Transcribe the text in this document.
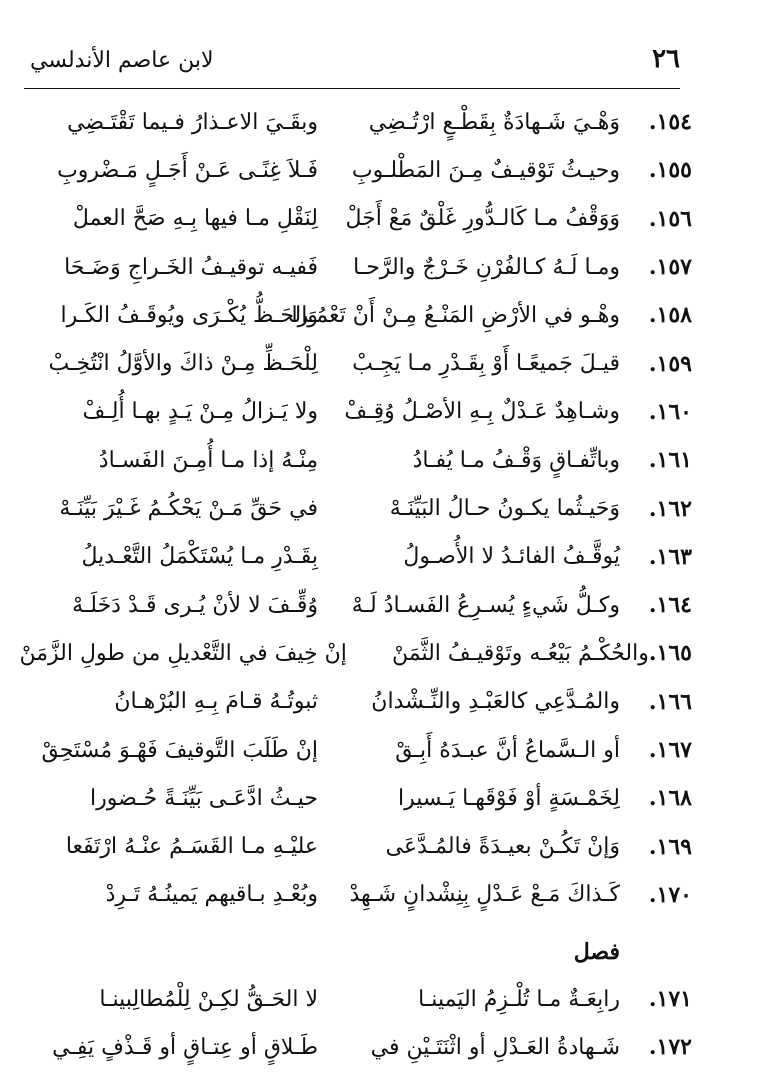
٢٦
لابن عاصم الأندلسي
١٥٤.
وَهْـيَ شَـهادَةٌ بِقَطْـعٍ ارْتُـضِي
وبقَـيَ الاعـذارُ فـيما تَقْتَـضِي
١٥٥.
وحيـثُ تَوْقيـفٌ مِـنَ المَطْلـوبِ
فَـلاَ غِنًـى عَـنْ أَجَـلٍ مَـضْروبِ
١٥٦.
وَوَقْفُ مـا كَالـدُّورِ غَلْقٌ مَعْ أَجَلْ
لِنَقْلِ مـا فيها بِـهِ صَحَّ العملْ
١٥٧.
ومـا لَـهُ كـالفُرْنِ خَـرْجٌ والرَّحـا
فَفيـه توقيـفُ الخَـراجِ وَضَـحَا
١٥٨.
وهْـو في الأرْضِ المَنْـعُ مِـنْ أَنْ تَعْمُـرا
وَالحَـظُّ يُكْـرَى ويُوقَـفُ الكَـرا
١٥٩.
قيـلَ جَميعًـا أَوْ بِقَـدْرِ مـا يَجِـبْ
لِلْحَـظِّ مِـنْ ذاكَ والأوَّلُ انْتُخِـبْ
١٦٠.
وشـاهِدٌ عَـدْلٌ بِـهِ الأصْـلُ وُقِـفْ
ولا يَـزالُ مِـنْ يَـدٍ بهـا أُلِـفْ
١٦١.
وباتِّفـاقٍ وَقْـفُ مـا يُفـادُ
مِنْـهُ إذا مـا أُمِـنَ الفَسـادُ
١٦٢.
وَحَيـثُما يكـونُ حـالُ البَيِّنَـهْ
في حَقِّ مَـنْ يَحْكُـمُ غَـيْرَ بَيِّنَـهْ
١٦٣.
يُوقَّـفُ الفائـدُ لا الأُصـولُ
بِقَـدْرِ مـا يُسْتَكْمَلُ التَّعْـديلُ
١٦٤.
وكـلُّ شَيءٍ يُسـرِعُ الفَسـادُ لَـهْ
وُقِّـفَ لا لأنْ يُـرى قَـدْ دَخَلَـهْ
١٦٥.
والحُكْـمُ بَيْعُـه وتَوْقيـفُ الثَّمَنْ
إنْ خِيفَ في التَّعْديلِ من طولِ الزَّمَنْ
١٦٦.
والمُـدَّعِي كالعَبْـدِ والنِّـشْدانُ
ثبوتُـهُ قـامَ بِـهِ البُرْهـانُ
١٦٧.
أو الـسَّماعُ أنَّ عبـدَهُ أَبِـقْ
إنْ طَلَبَ التَّوقيفَ فَهْـوَ مُسْتَحِقْ
١٦٨.
لِخَمْـسَةٍ أوْ فَوْقَهـا يَـسيرا
حيـثُ ادَّعَـى بَيِّنَـةً حُـضورا
١٦٩.
وَإنْ تَكُـنْ بعيـدَةً فالمُـدَّعَى
عليْـهِ مـا القَسَـمُ عنْـهُ ارْتَفَعا
١٧٠.
كَـذاكَ مَـعْ عَـدْلٍ بِنِشْدانٍ شَـهِدْ
وبُعْـدِ بـاقيهم يَمينُـهُ تَـرِدْ
فصل
١٧١.
رابِعَـةٌ مـا تُلْـزِمُ اليَمينـا
لا الحَـقُّ لكِـنْ لِلْمُطالِبينـا
١٧٢.
شَـهادةُ العَـدْلِ أو اثْنَتَـيْنِ في
طَـلاقٍ أو عِتـاقٍ أو قَـذْفٍ يَفِـي
